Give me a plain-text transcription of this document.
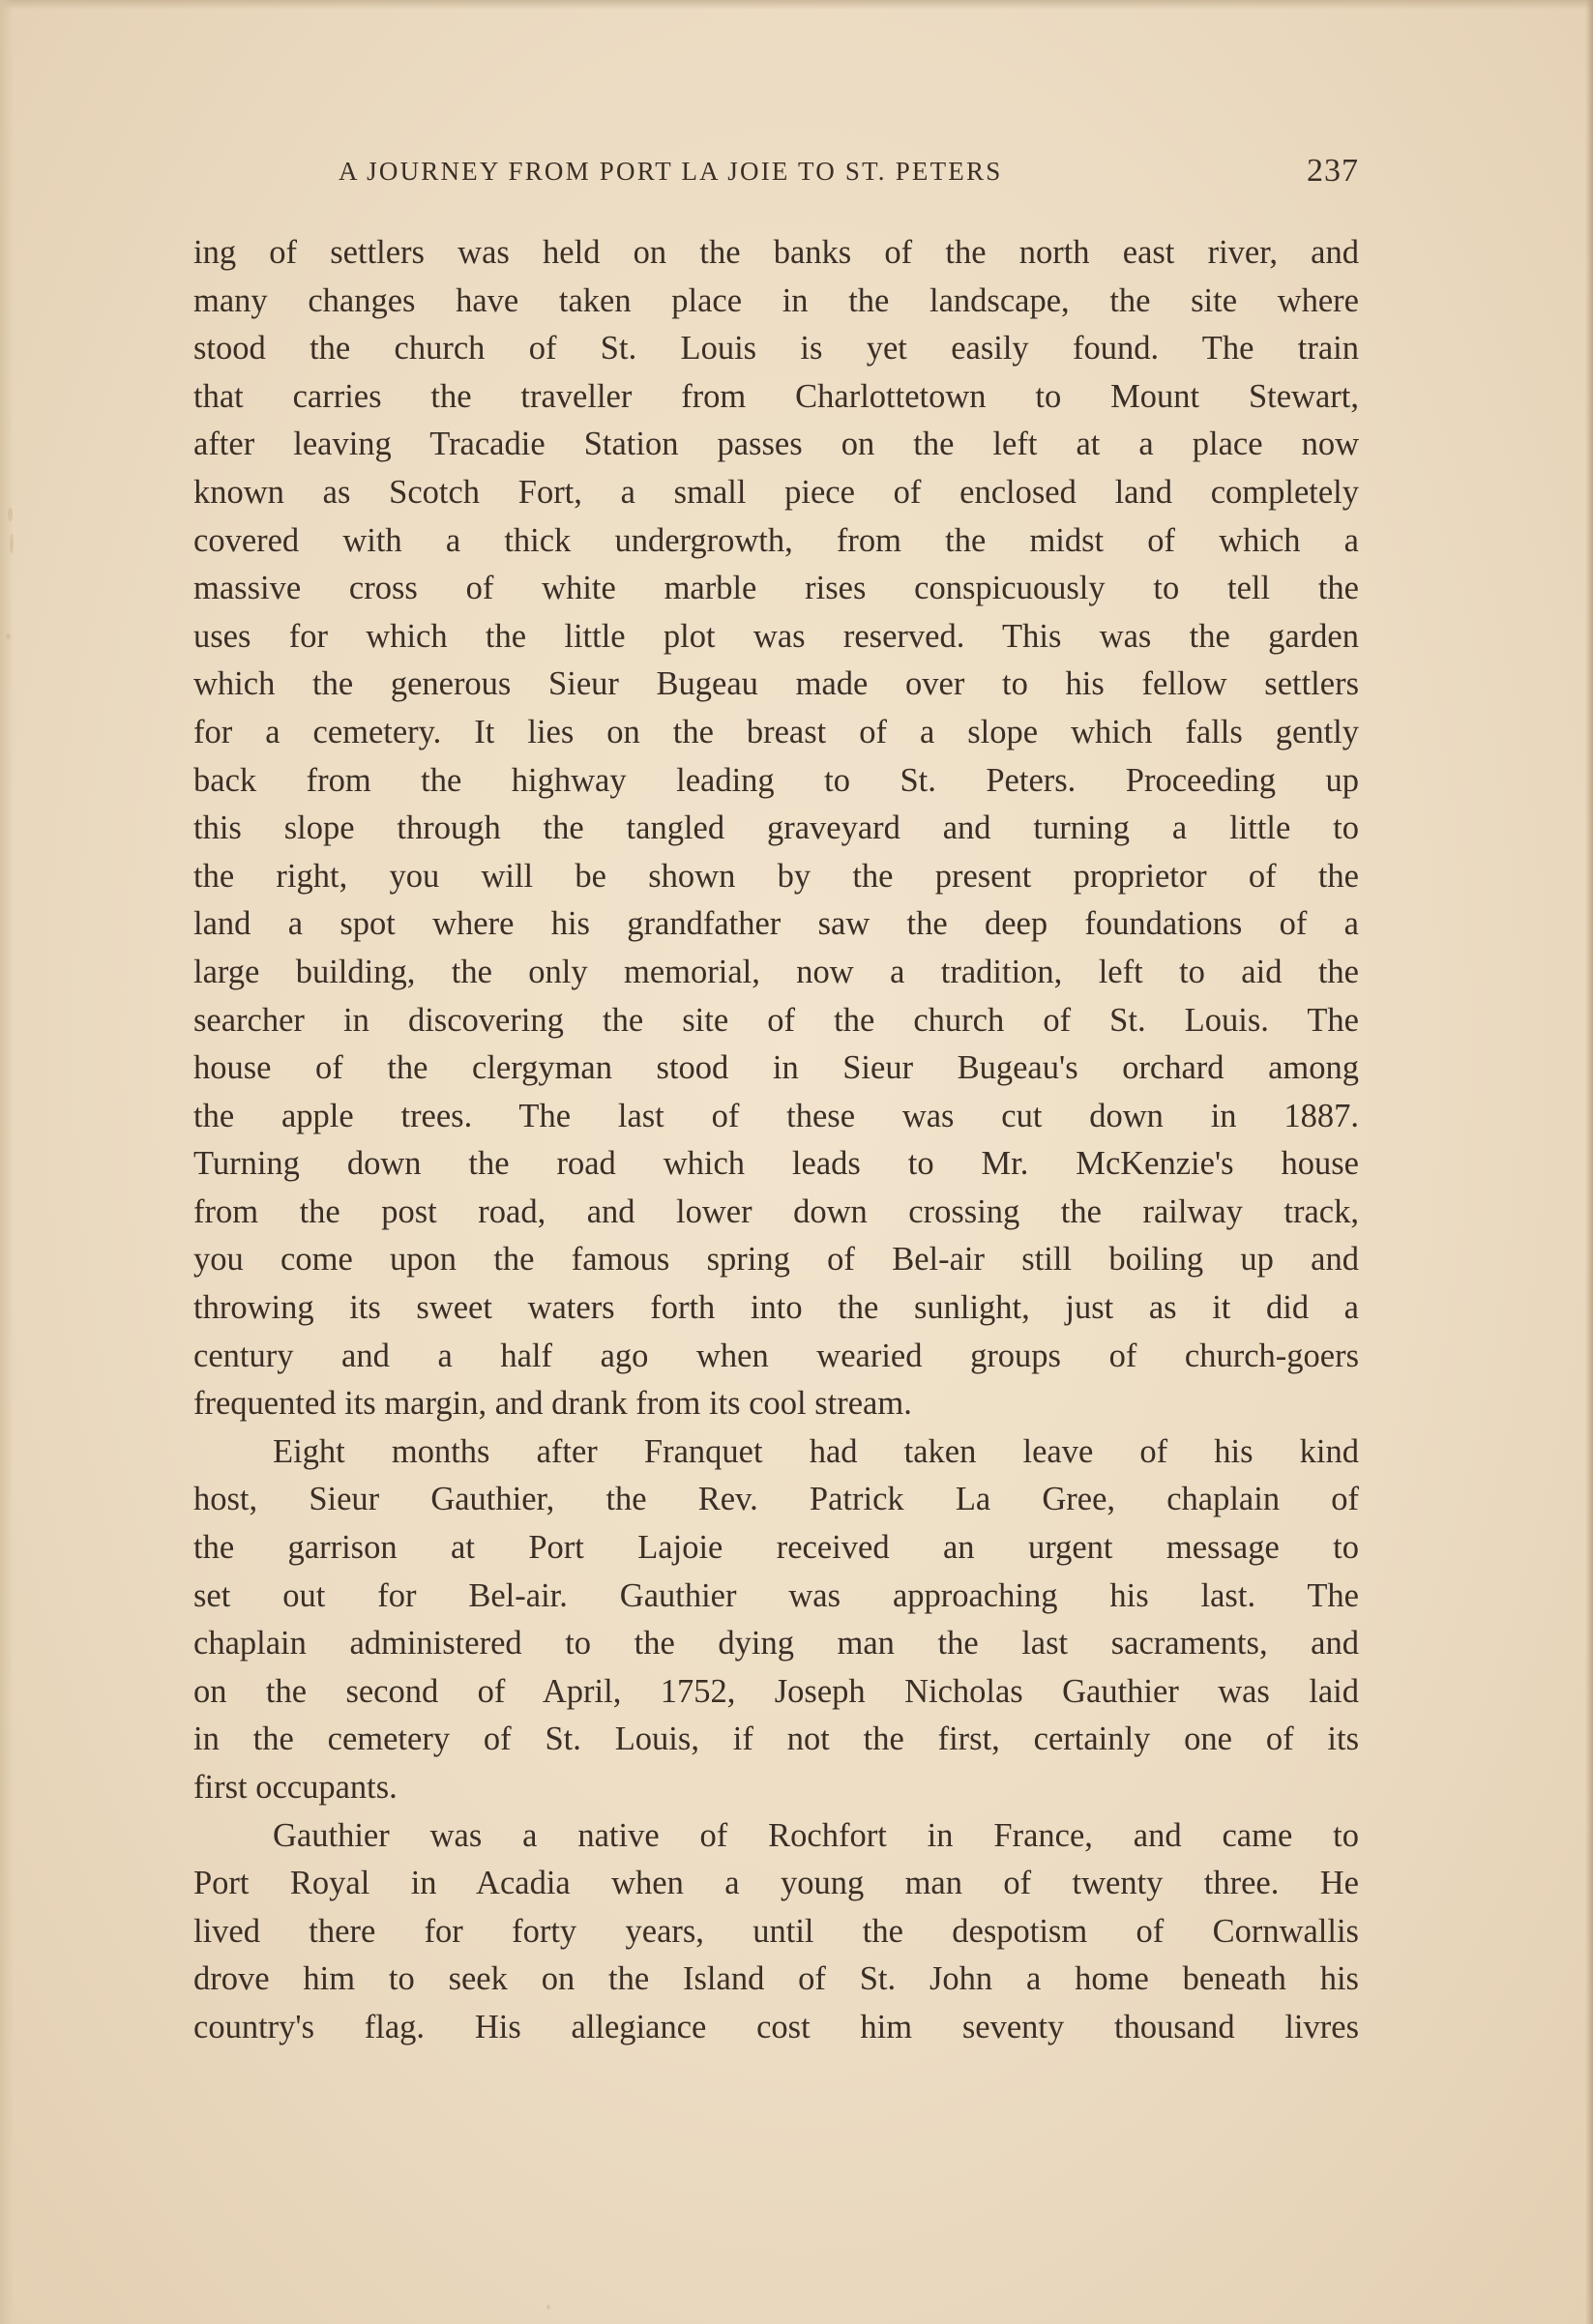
A JOURNEY FROM PORT LA JOIE TO ST. PETERS	237
ing of settlers was held on the banks of the north east river, and
many changes have taken place in the landscape, the site where
stood the church of St. Louis is yet easily found. The train
that carries the traveller from Charlottetown to Mount Stewart,
after leaving Tracadie Station passes on the left at a place now
known as Scotch Fort, a small piece of enclosed land completely
covered with a thick undergrowth, from the midst of which a
massive cross of white marble rises conspicuously to tell the
uses for which the little plot was reserved. This was the garden
which the generous Sieur Bugeau made over to his fellow settlers
for a cemetery. It lies on the breast of a slope which falls gently
back from the highway leading to St. Peters. Proceeding up
this slope through the tangled graveyard and turning a little to
the right, you will be shown by the present proprietor of the
land a spot where his grandfather saw the deep foundations of a
large building, the only memorial, now a tradition, left to aid the
searcher in discovering the site of the church of St. Louis. The
house of the clergyman stood in Sieur Bugeau's orchard among
the apple trees. The last of these was cut down in 1887.
Turning down the road which leads to Mr. McKenzie's house
from the post road, and lower down crossing the railway track,
you come upon the famous spring of Bel-air still boiling up and
throwing its sweet waters forth into the sunlight, just as it did a
century and a half ago when wearied groups of church-goers
frequented its margin, and drank from its cool stream.
Eight months after Franquet had taken leave of his kind
host, Sieur Gauthier, the Rev. Patrick La Gree, chaplain of
the garrison at Port Lajoie received an urgent message to
set out for Bel-air. Gauthier was approaching his last. The
chaplain administered to the dying man the last sacraments, and
on the second of April, 1752, Joseph Nicholas Gauthier was laid
in the cemetery of St. Louis, if not the first, certainly one of its
first occupants.
Gauthier was a native of Rochfort in France, and came to
Port Royal in Acadia when a young man of twenty three. He
lived there for forty years, until the despotism of Cornwallis
drove him to seek on the Island of St. John a home beneath his
country's flag. His allegiance cost him seventy thousand livres
